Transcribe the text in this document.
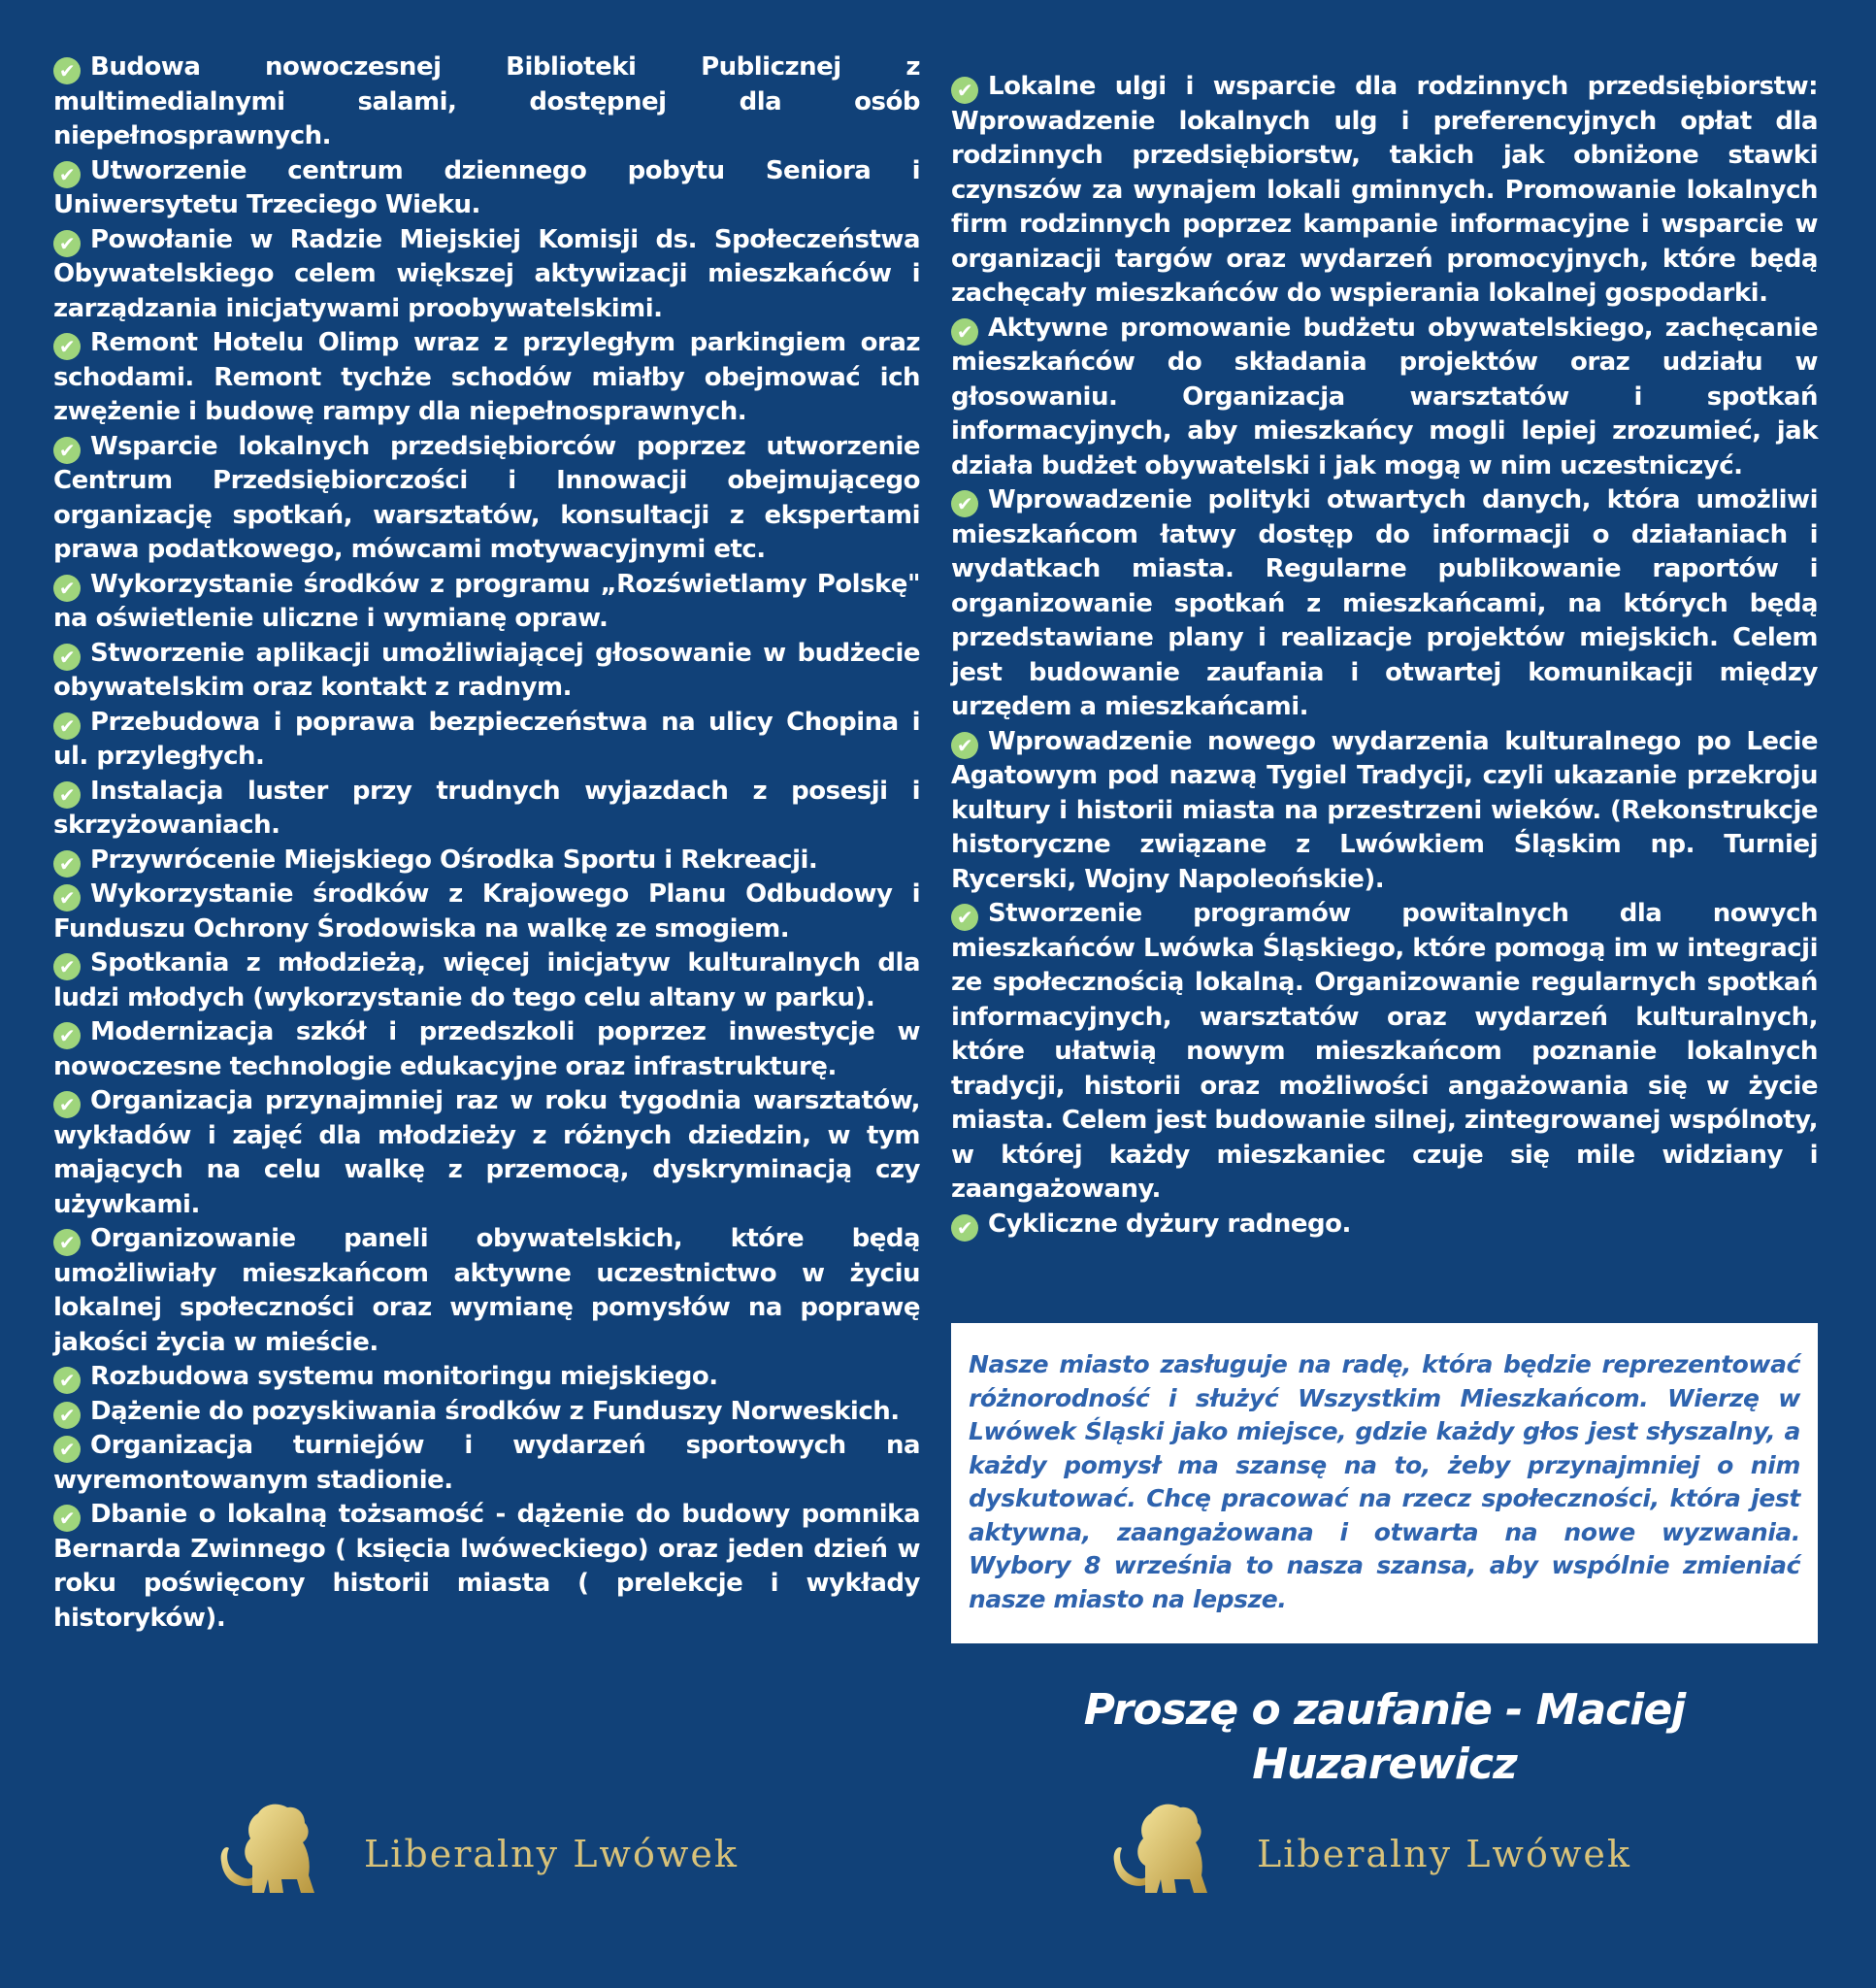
✔ Budowa nowoczesnej Biblioteki Publicznej z multimedialnymi salami, dostępnej dla osób niepełnosprawnych.

✔ Utworzenie centrum dziennego pobytu Seniora i Uniwersytetu Trzeciego Wieku.

✔ Powołanie w Radzie Miejskiej Komisji ds. Społeczeństwa Obywatelskiego celem większej aktywizacji mieszkańców i zarządzania inicjatywami proobywatelskimi.

✔ Remont Hotelu Olimp wraz z przyległym parkingiem oraz schodami. Remont tychże schodów miałby obejmować ich zwężenie i budowę rampy dla niepełnosprawnych.

✔ Wsparcie lokalnych przedsiębiorców poprzez utworzenie Centrum Przedsiębiorczości i Innowacji obejmującego organizację spotkań, warsztatów, konsultacji z ekspertami prawa podatkowego, mówcami motywacyjnymi etc.

✔ Wykorzystanie środków z programu „Rozświetlamy Polskę" na oświetlenie uliczne i wymianę opraw.

✔ Stworzenie aplikacji umożliwiającej głosowanie w budżecie obywatelskim oraz kontakt z radnym.

✔ Przebudowa i poprawa bezpieczeństwa na ulicy Chopina i ul. przyległych.

✔ Instalacja luster przy trudnych wyjazdach z posesji i skrzyżowaniach.

✔ Przywrócenie Miejskiego Ośrodka Sportu i Rekreacji.

✔ Wykorzystanie środków z Krajowego Planu Odbudowy i Funduszu Ochrony Środowiska na walkę ze smogiem.

✔ Spotkania z młodzieżą, więcej inicjatyw kulturalnych dla ludzi młodych (wykorzystanie do tego celu altany w parku).

✔ Modernizacja szkół i przedszkoli poprzez inwestycje w nowoczesne technologie edukacyjne oraz infrastrukturę.

✔ Organizacja przynajmniej raz w roku tygodnia warsztatów, wykładów i zajęć dla młodzieży z różnych dziedzin, w tym mających na celu walkę z przemocą, dyskryminacją czy używkami.

✔ Organizowanie paneli obywatelskich, które będą umożliwiały mieszkańcom aktywne uczestnictwo w życiu lokalnej społeczności oraz wymianę pomysłów na poprawę jakości życia w mieście.

✔ Rozbudowa systemu monitoringu miejskiego.

✔ Dążenie do pozyskiwania środków z Funduszy Norweskich.

✔ Organizacja turniejów i wydarzeń sportowych na wyremontowanym stadionie.

✔ Dbanie o lokalną tożsamość - dążenie do budowy pomnika Bernarda Zwinnego ( księcia lwóweckiego) oraz jeden dzień w roku poświęcony historii miasta ( prelekcje i wykłady historyków).

✔ Lokalne ulgi i wsparcie dla rodzinnych przedsiębiorstw: Wprowadzenie lokalnych ulg i preferencyjnych opłat dla rodzinnych przedsiębiorstw, takich jak obniżone stawki czynszów za wynajem lokali gminnych. Promowanie lokalnych firm rodzinnych poprzez kampanie informacyjne i wsparcie w organizacji targów oraz wydarzeń promocyjnych, które będą zachęcały mieszkańców do wspierania lokalnej gospodarki.

✔ Aktywne promowanie budżetu obywatelskiego, zachęcanie mieszkańców do składania projektów oraz udziału w głosowaniu. Organizacja warsztatów i spotkań informacyjnych, aby mieszkańcy mogli lepiej zrozumieć, jak działa budżet obywatelski i jak mogą w nim uczestniczyć.

✔ Wprowadzenie polityki otwartych danych, która umożliwi mieszkańcom łatwy dostęp do informacji o działaniach i wydatkach miasta. Regularne publikowanie raportów i organizowanie spotkań z mieszkańcami, na których będą przedstawiane plany i realizacje projektów miejskich. Celem jest budowanie zaufania i otwartej komunikacji między urzędem a mieszkańcami.

✔ Wprowadzenie nowego wydarzenia kulturalnego po Lecie Agatowym pod nazwą Tygiel Tradycji, czyli ukazanie przekroju kultury i historii miasta na przestrzeni wieków. (Rekonstrukcje historyczne związane z Lwówkiem Śląskim np. Turniej Rycerski, Wojny Napoleońskie).

✔ Stworzenie programów powitalnych dla nowych mieszkańców Lwówka Śląskiego, które pomogą im w integracji ze społecznością lokalną. Organizowanie regularnych spotkań informacyjnych, warsztatów oraz wydarzeń kulturalnych, które ułatwią nowym mieszkańcom poznanie lokalnych tradycji, historii oraz możliwości angażowania się w życie miasta. Celem jest budowanie silnej, zintegrowanej wspólnoty, w której każdy mieszkaniec czuje się mile widziany i zaangażowany.

✔ Cykliczne dyżury radnego.

Nasze miasto zasługuje na radę, która będzie reprezentować różnorodność i służyć Wszystkim Mieszkańcom. Wierzę w Lwówek Śląski jako miejsce, gdzie każdy głos jest słyszalny, a każdy pomysł ma szansę na to, żeby przynajmniej o nim dyskutować. Chcę pracować na rzecz społeczności, która jest aktywna, zaangażowana i otwarta na nowe wyzwania. Wybory 8 września to nasza szansa, aby wspólnie zmieniać nasze miasto na lepsze.
Proszę o zaufanie - Maciej Huzarewicz
Liberalny Lwówek	Liberalny Lwówek
